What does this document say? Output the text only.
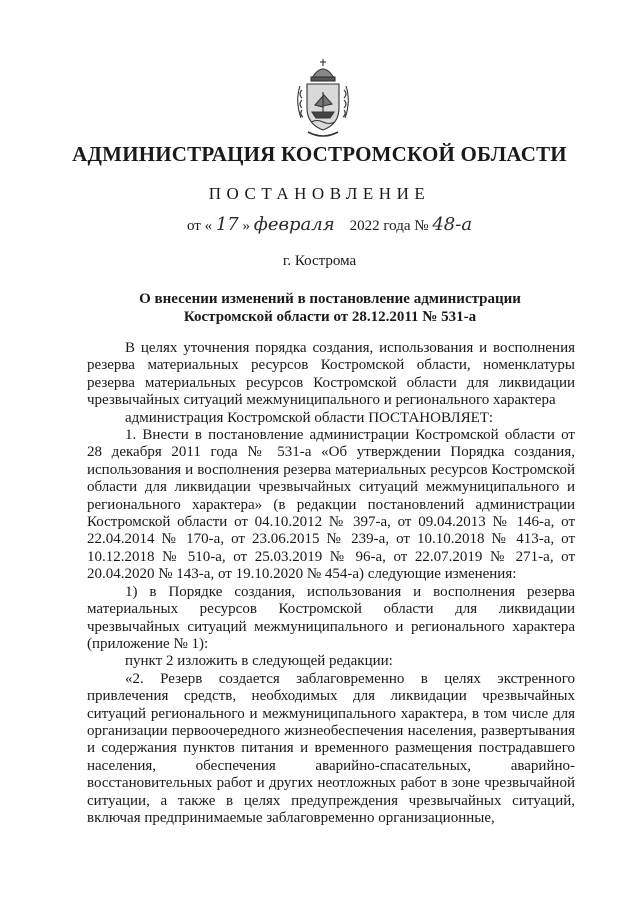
АДМИНИСТРАЦИЯ КОСТРОМСКОЙ ОБЛАСТИ
ПОСТАНОВЛЕНИЕ
от « 17 » февраля 2022 года № 48-а
г. Кострома
О внесении изменений в постановление администрации
Костромской области от 28.12.2011 № 531-а

В целях уточнения порядка создания, использования и восполнения резерва материальных ресурсов Костромской области, номенклатуры резерва материальных ресурсов Костромской области для ликвидации чрезвычайных ситуаций межмуниципального и регионального характера

администрация Костромской области ПОСТАНОВЛЯЕТ:

1. Внести в постановление администрации Костромской области от 28 декабря 2011 года № 531-а «Об утверждении Порядка создания, использования и восполнения резерва материальных ресурсов Костромской области для ликвидации чрезвычайных ситуаций межмуниципального и регионального характера» (в редакции постановлений администрации Костромской области от 04.10.2012 № 397-а, от 09.04.2013 № 146-а, от 22.04.2014 № 170-а, от 23.06.2015 № 239-а, от 10.10.2018 № 413-а, от 10.12.2018 № 510-а, от 25.03.2019 № 96-а, от 22.07.2019 № 271-а, от 20.04.2020 № 143-а, от 19.10.2020 № 454-а) следующие изменения:

1) в Порядке создания, использования и восполнения резерва материальных ресурсов Костромской области для ликвидации чрезвычайных ситуаций межмуниципального и регионального характера (приложение № 1):

пункт 2 изложить в следующей редакции:

«2. Резерв создается заблаговременно в целях экстренного привлечения средств, необходимых для ликвидации чрезвычайных ситуаций регионального и межмуниципального характера, в том числе для организации первоочередного жизнеобеспечения населения, развертывания и содержания пунктов питания и временного размещения пострадавшего населения, обеспечения аварийно-спасательных, аварийно-восстановительных работ и других неотложных работ в зоне чрезвычайной ситуации, а также в целях предупреждения чрезвычайных ситуаций, включая предпринимаемые заблаговременно организационные,
